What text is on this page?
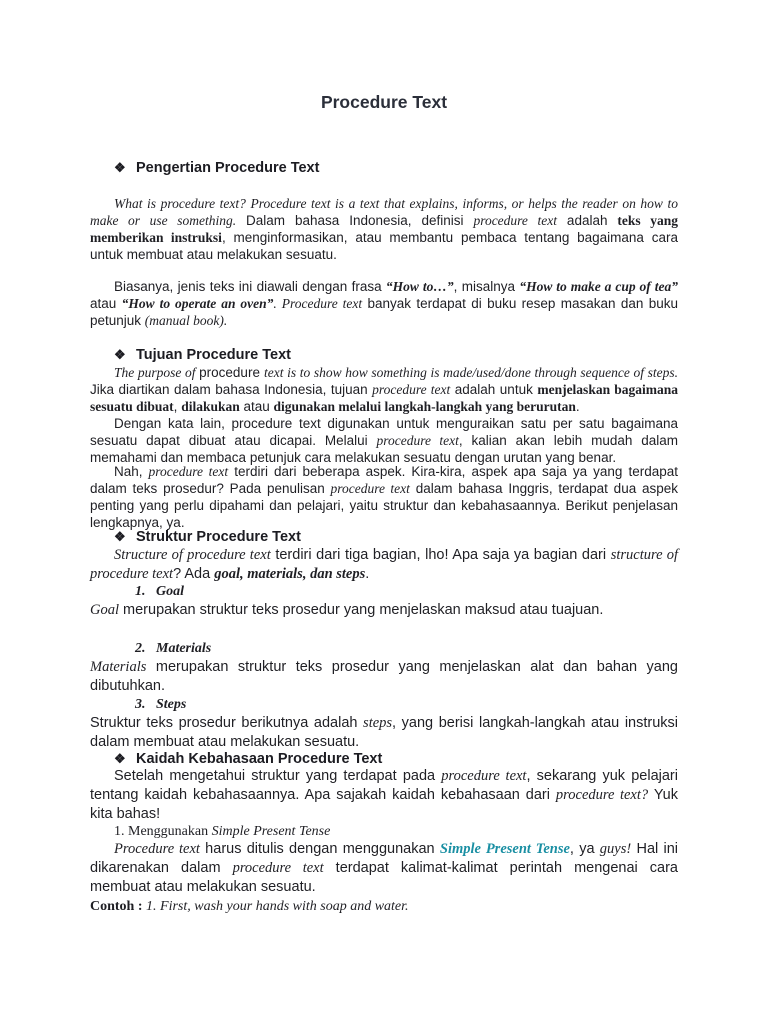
Procedure Text
❖ Pengertian Procedure Text
What is procedure text? Procedure text is a text that explains, informs, or helps the reader on how to make or use something. Dalam bahasa Indonesia, definisi procedure text adalah teks yang memberikan instruksi, menginformasikan, atau membantu pembaca tentang bagaimana cara untuk membuat atau melakukan sesuatu.
Biasanya, jenis teks ini diawali dengan frasa “How to…”, misalnya “How to make a cup of tea” atau “How to operate an oven”. Procedure text banyak terdapat di buku resep masakan dan buku petunjuk (manual book).
❖ Tujuan Procedure Text
The purpose of procedure text is to show how something is made/used/done through sequence of steps. Jika diartikan dalam bahasa Indonesia, tujuan procedure text adalah untuk menjelaskan bagaimana sesuatu dibuat, dilakukan atau digunakan melalui langkah-langkah yang berurutan.
Dengan kata lain, procedure text digunakan untuk menguraikan satu per satu bagaimana sesuatu dapat dibuat atau dicapai. Melalui procedure text, kalian akan lebih mudah dalam memahami dan membaca petunjuk cara melakukan sesuatu dengan urutan yang benar.
Nah, procedure text terdiri dari beberapa aspek. Kira-kira, aspek apa saja ya yang terdapat dalam teks prosedur? Pada penulisan procedure text dalam bahasa Inggris, terdapat dua aspek penting yang perlu dipahami dan pelajari, yaitu struktur dan kebahasaannya. Berikut penjelasan lengkapnya, ya.
❖ Struktur Procedure Text
Structure of procedure text terdiri dari tiga bagian, lho! Apa saja ya bagian dari structure of procedure text? Ada goal, materials, dan steps.
1. Goal
Goal merupakan struktur teks prosedur yang menjelaskan maksud atau tuajuan.
2. Materials
Materials merupakan struktur teks prosedur yang menjelaskan alat dan bahan yang dibutuhkan.
3. Steps
Struktur teks prosedur berikutnya adalah steps, yang berisi langkah-langkah atau instruksi dalam membuat atau melakukan sesuatu.
❖ Kaidah Kebahasaan Procedure Text
Setelah mengetahui struktur yang terdapat pada procedure text, sekarang yuk pelajari tentang kaidah kebahasaannya. Apa sajakah kaidah kebahasaan dari procedure text? Yuk kita bahas!
1. Menggunakan Simple Present Tense
Procedure text harus ditulis dengan menggunakan Simple Present Tense, ya guys! Hal ini dikarenakan dalam procedure text terdapat kalimat-kalimat perintah mengenai cara membuat atau melakukan sesuatu.
Contoh : 1. First, wash your hands with soap and water.
